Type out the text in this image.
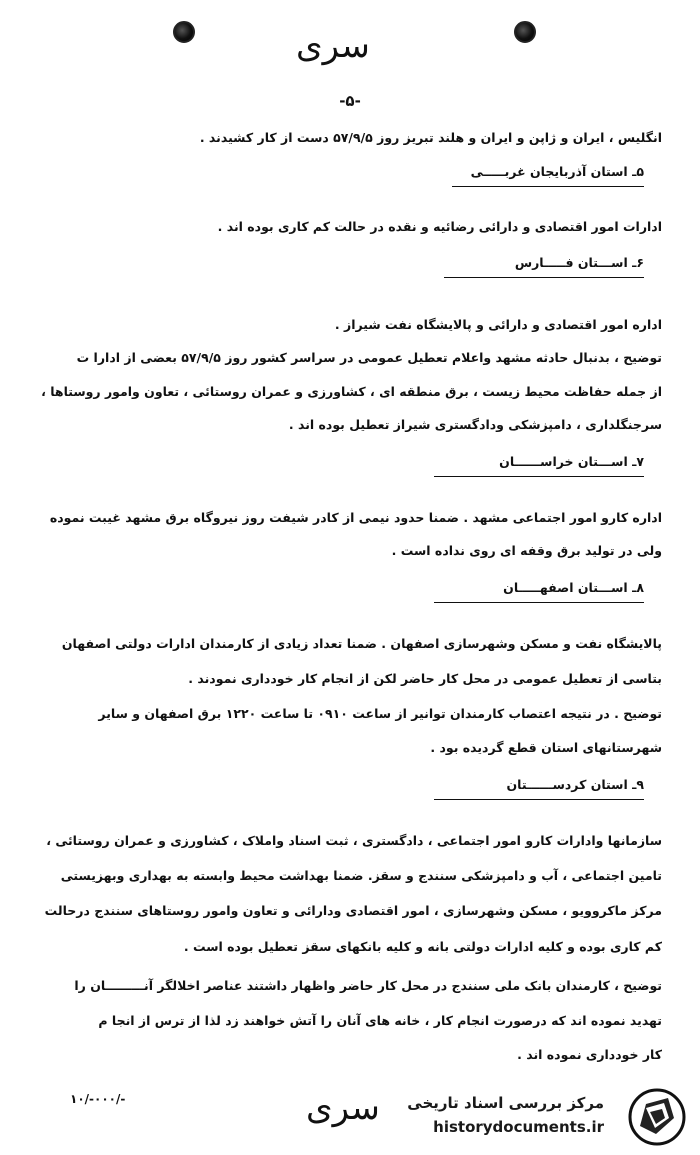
سری
-۵-
انگلیس ، ایران و ژاپن و ایران و هلند تبریز روز ۵۷/۹/۵ دست از کار کشیدند .
۵ـ استان آذربایجان غربـــــی
ادارات امور اقتصادی و دارائی رضائیه و نقده در حالت کم کاری بوده اند .
۶ـ اســـتان فـــــارس
اداره امور اقتصادی و دارائی و پالایشگاه نفت شیراز .
توضیح ، بدنبال حادثه مشهد واعلام تعطیل عمومی در سراسر کشور روز ۵۷/۹/۵ بعضی از ادارا ت
از جمله حفاظت محیط زیست ، برق منطقه ای ، کشاورزی و عمران روستائی ، تعاون وامور روستاها ،
سرجنگلداری ، دامپزشکی ودادگستری شیراز تعطیل بوده اند .
۷ـ اســـتان خراســــــان
اداره کارو امور اجتماعی مشهد . ضمنا حدود نیمی از کادر شیفت روز نیروگاه برق مشهد غیبت نموده
ولی در تولید برق وقفه ای روی نداده است .
۸ـ اســـتان اصفهـــــان
پالایشگاه نفت و مسکن وشهرسازی اصفهان . ضمنا تعداد زیادی از کارمندان ادارات دولتی اصفهان
بتاسی از تعطیل عمومی در محل کار حاضر لکن از انجام کار خودداری نمودند .
توضیح . در نتیجه اعتصاب کارمندان توانیر از ساعت ۰۹۱۰ تا ساعت ۱۲۲۰ برق اصفهان و سایر
شهرستانهای استان قطع گردیده بود .
۹ـ استان کردســــــتان
سازمانها وادارات کارو امور اجتماعی ، دادگستری ، ثبت اسناد واملاک ، کشاورزی و عمران روستائی ،
تامین اجتماعی ، آب و دامپزشکی سنندج و سقز. ضمنا بهداشت محیط وابسته به بهداری وبهزیستی
مرکز ماکروویو ، مسکن وشهرسازی ، امور اقتصادی ودارائی و تعاون وامور روستاهای سنندج درحالت
کم کاری بوده و کلیه ادارات دولتی بانه و کلیه بانکهای سقز تعطیل بوده است .
توضیح ، کارمندان بانک ملی سنندج در محل کار حاضر واظهار داشتند عناصر اخلالگر آنـــــــــان را
تهدید نموده اند که درصورت انجام کار ، خانه های آنان را آتش خواهند زد لذا از ترس از انجا م
کار خودداری نموده اند .
۱۰/-۰۰۰/-	سری مرکز بررسی اسناد تاریخی
historydocuments.ir
